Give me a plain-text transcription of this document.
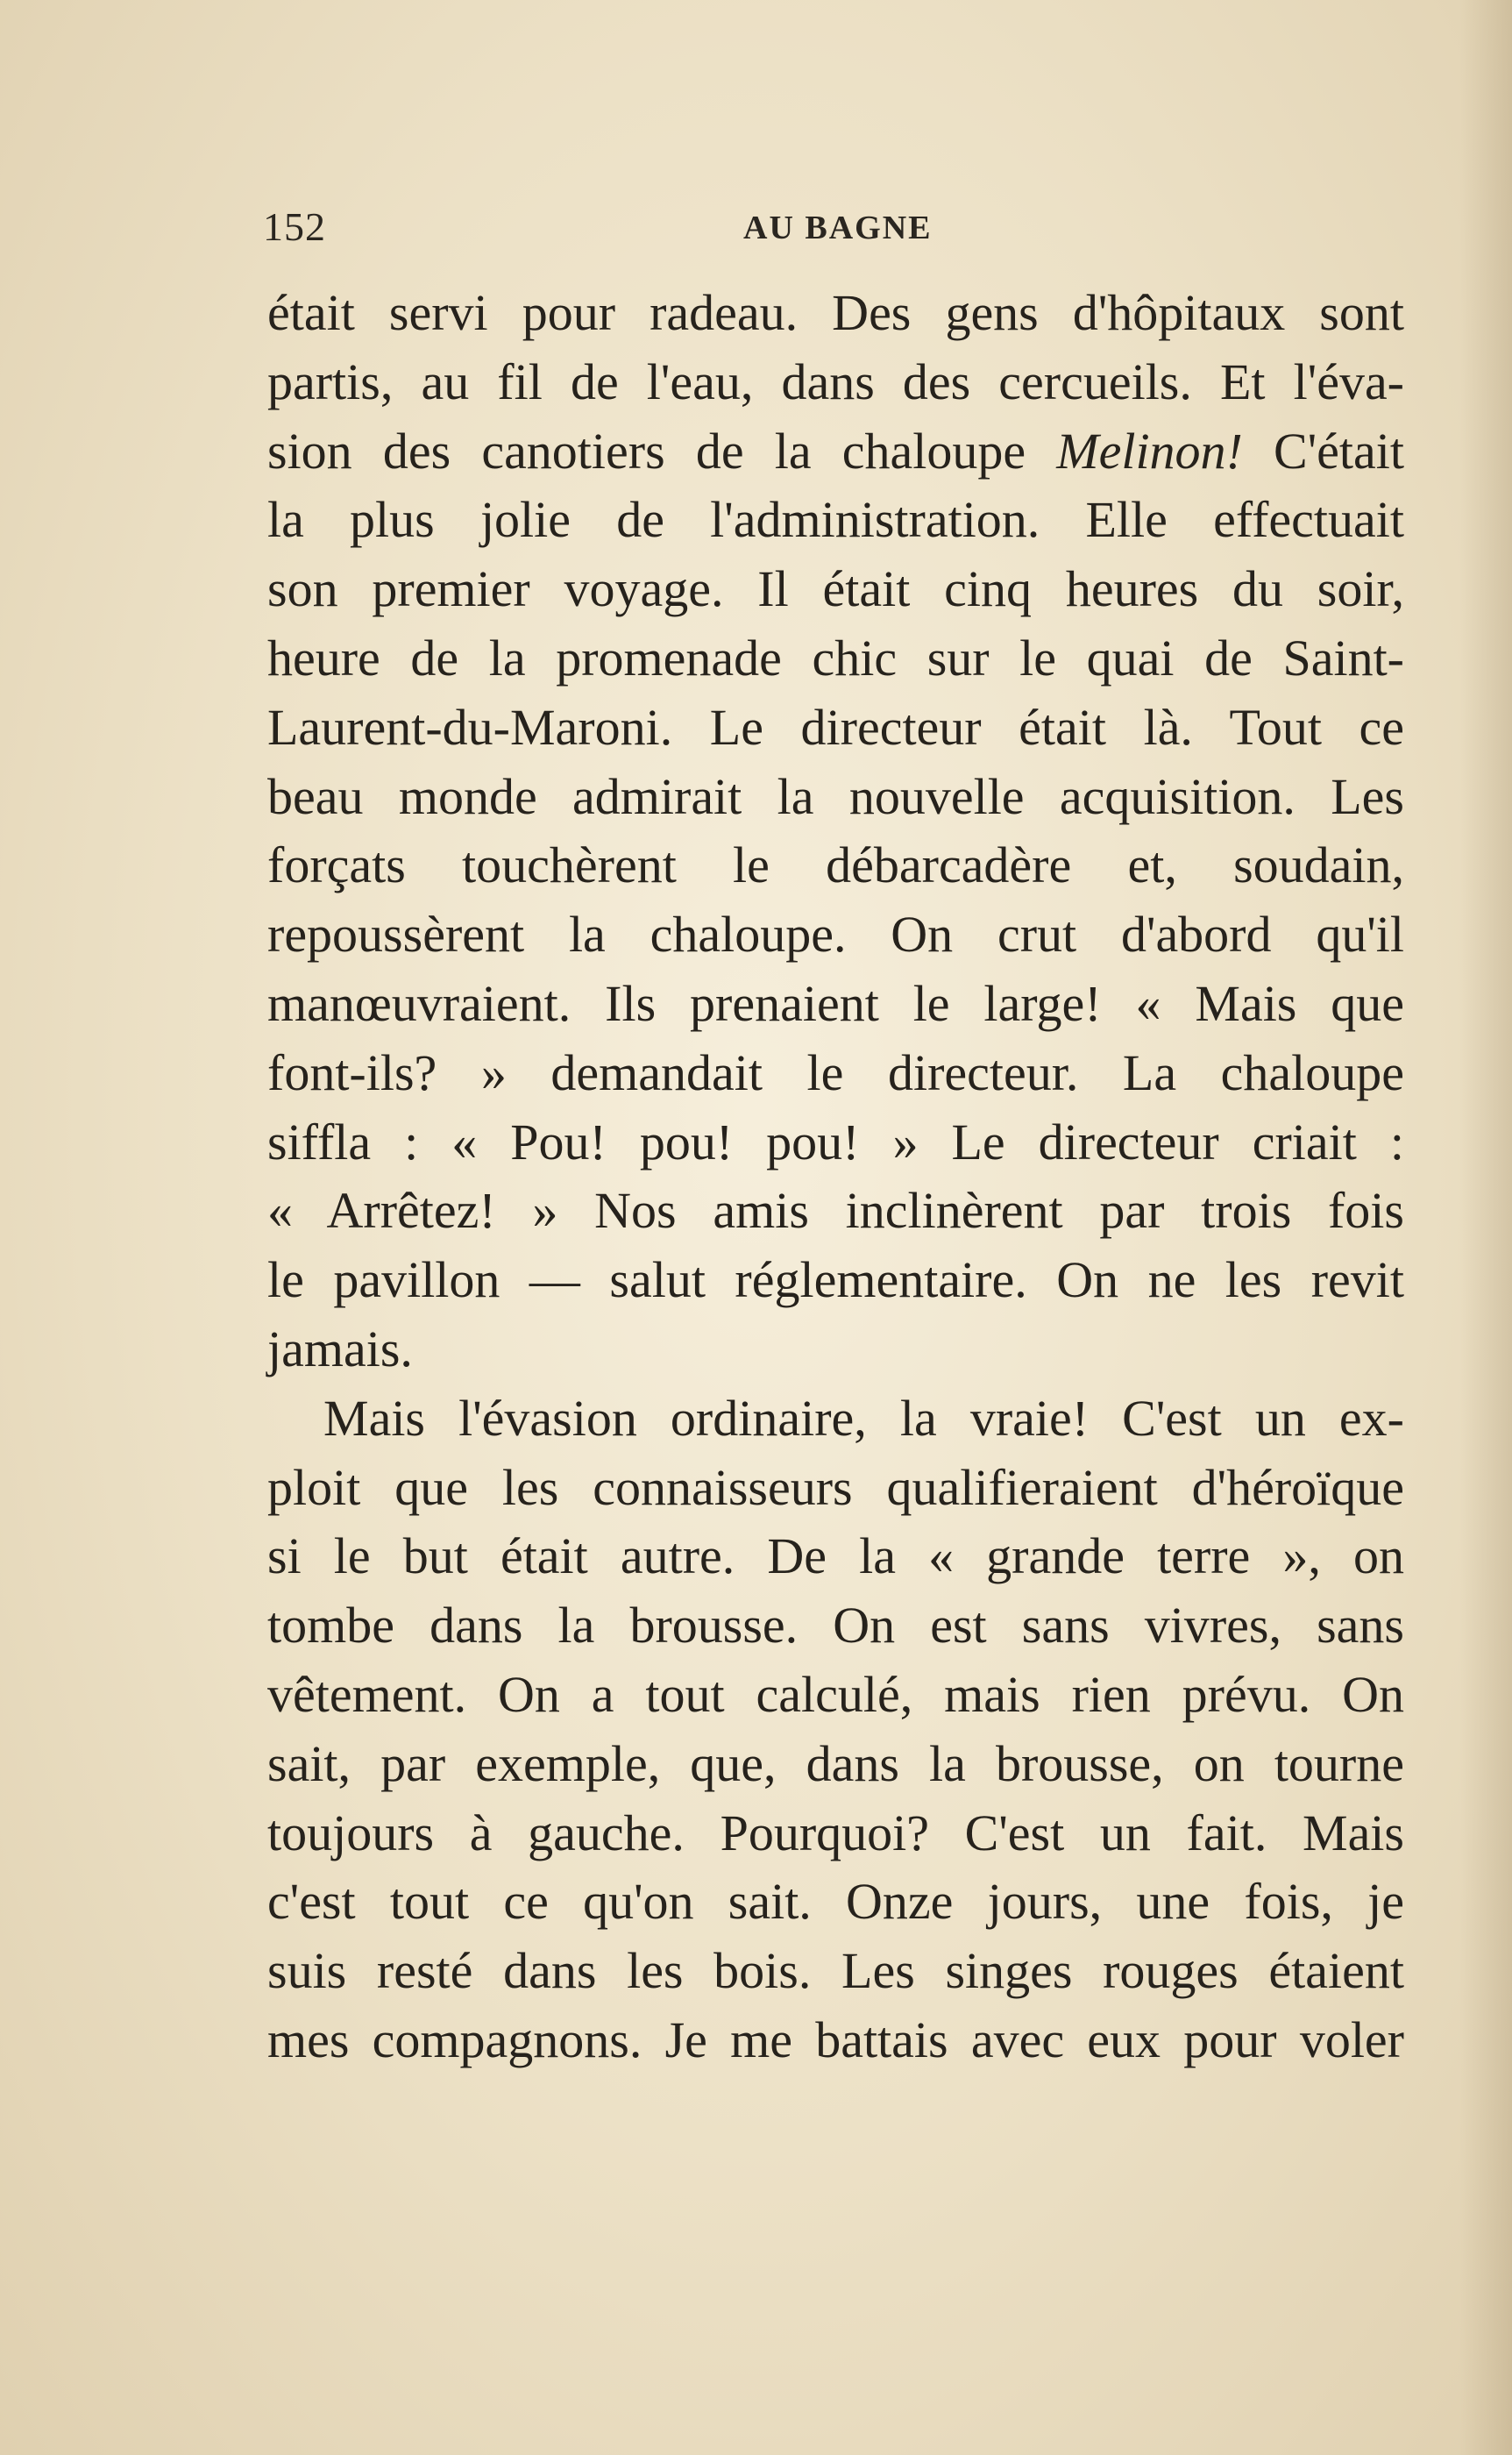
152	AU BAGNE
était servi pour radeau. Des gens d'hôpitaux sont
partis, au fil de l'eau, dans des cercueils. Et l'éva-
sion des canotiers de la chaloupe Melinon! C'était
la plus jolie de l'administration. Elle effectuait
son premier voyage. Il était cinq heures du soir,
heure de la promenade chic sur le quai de Saint-
Laurent-du-Maroni. Le directeur était là. Tout ce
beau monde admirait la nouvelle acquisition. Les
forçats touchèrent le débarcadère et, soudain,
repoussèrent la chaloupe. On crut d'abord qu'il
manœuvraient. Ils prenaient le large! « Mais que
font-ils? » demandait le directeur. La chaloupe
siffla : « Pou! pou! pou! » Le directeur criait :
« Arrêtez! » Nos amis inclinèrent par trois fois
le pavillon — salut réglementaire. On ne les revit
jamais.
Mais l'évasion ordinaire, la vraie! C'est un ex-
ploit que les connaisseurs qualifieraient d'héroïque
si le but était autre. De la « grande terre », on
tombe dans la brousse. On est sans vivres, sans
vêtement. On a tout calculé, mais rien prévu. On
sait, par exemple, que, dans la brousse, on tourne
toujours à gauche. Pourquoi? C'est un fait. Mais
c'est tout ce qu'on sait. Onze jours, une fois, je
suis resté dans les bois. Les singes rouges étaient
mes compagnons. Je me battais avec eux pour voler
